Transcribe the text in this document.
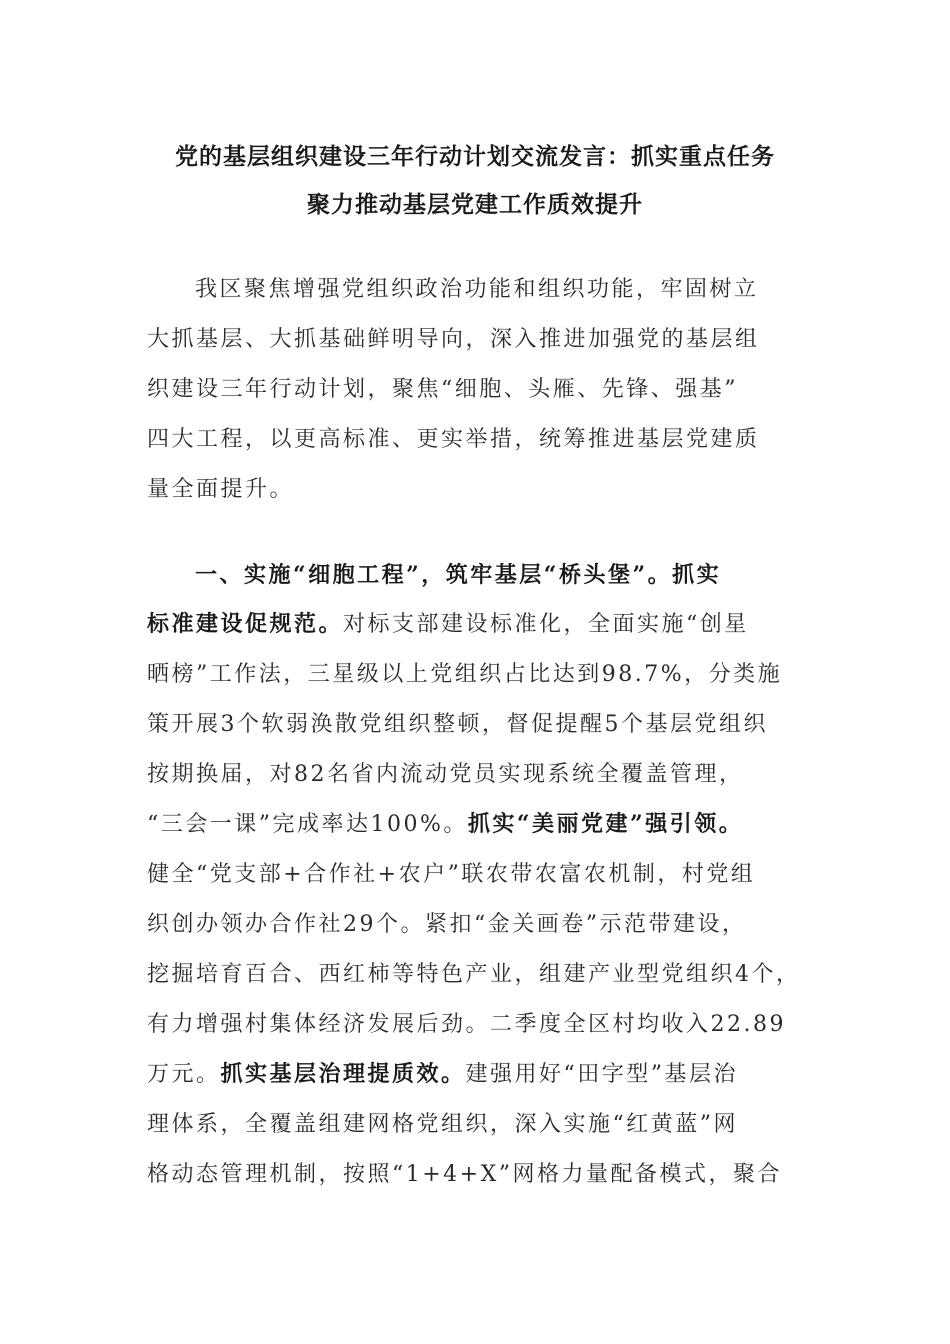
党的基层组织建设三年行动计划交流发言：抓实重点任务
聚力推动基层党建工作质效提升
我区聚焦增强党组织政治功能和组织功能，牢固树立
大抓基层、大抓基础鲜明导向，深入推进加强党的基层组
织建设三年行动计划，聚焦“细胞、头雁、先锋、强基”
四大工程，以更高标准、更实举措，统筹推进基层党建质
量全面提升。
一、实施“细胞工程”，筑牢基层“桥头堡”。抓实
标准建设促规范。对标支部建设标准化，全面实施“创星
晒榜”工作法，三星级以上党组织占比达到98.7%，分类施
策开展3个软弱涣散党组织整顿，督促提醒5个基层党组织
按期换届，对82名省内流动党员实现系统全覆盖管理，
“三会一课”完成率达100%。抓实“美丽党建”强引领。
健全“党支部+合作社+农户”联农带农富农机制，村党组
织创办领办合作社29个。紧扣“金关画卷”示范带建设，
挖掘培育百合、西红柿等特色产业，组建产业型党组织4个，
有力增强村集体经济发展后劲。二季度全区村均收入22.89
万元。抓实基层治理提质效。建强用好“田字型”基层治
理体系，全覆盖组建网格党组织，深入实施“红黄蓝”网
格动态管理机制，按照“1+4+X”网格力量配备模式，聚合
